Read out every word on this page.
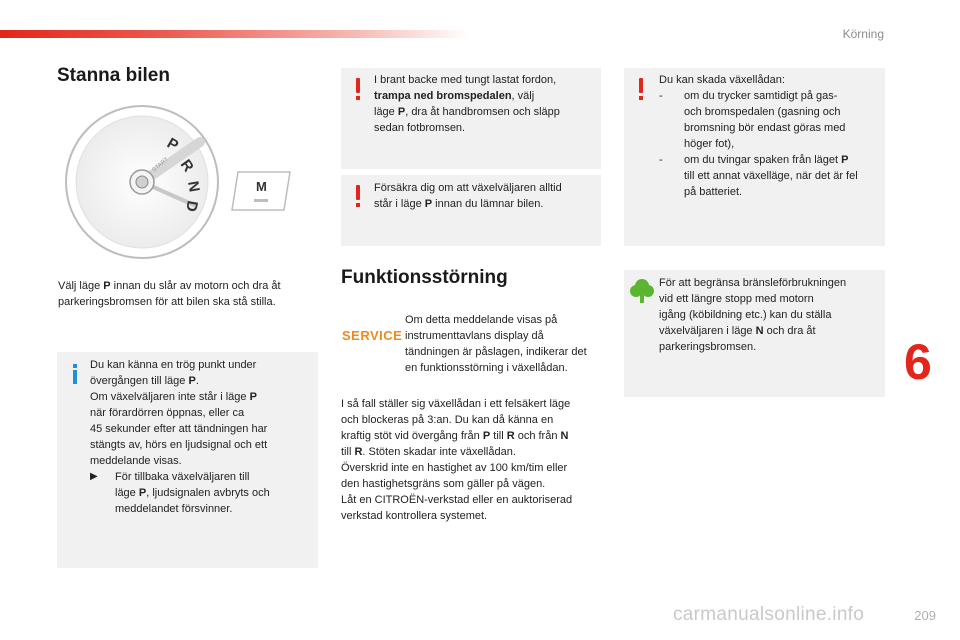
Körning
6
209
carmanualsonline.info
Stanna bilen
P
R
N
D
START
M
Välj läge P innan du slår av motorn och dra åt
parkeringsbromsen för att bilen ska stå stilla.

Du kan känna en trög punkt under

övergången till läge P.

Om växelväljaren inte står i läge P

när förardörren öppnas, eller ca

45 sekunder efter att tändningen har

stängts av, hörs en ljudsignal och ett

meddelande visas.

▶ För tillbaka växelväljaren till

läge P, ljudsignalen avbryts och

meddelandet försvinner.

I brant backe med tungt lastat fordon,

trampa ned bromspedalen, välj

läge P, dra åt handbromsen och släpp

sedan fotbromsen.

Försäkra dig om att växelväljaren alltid

står i läge P innan du lämnar bilen.

Du kan skada växellådan:

- om du trycker samtidigt på gas-

och bromspedalen (gasning och

bromsning bör endast göras med

höger fot),

- om du tvingar spaken från läget P

till ett annat växelläge, när det är fel

på batteriet.

För att begränsa bränsleförbrukningen

vid ett längre stopp med motorn

igång (köbildning etc.) kan du ställa

växelväljaren i läge N och dra åt

parkeringsbromsen.

Funktionsstörning
SERVICE

Om detta meddelande visas på

instrumenttavlans display då

tändningen är påslagen, indikerar det

en funktionsstörning i växellådan.

I så fall ställer sig växellådan i ett felsäkert läge

och blockeras på 3:an. Du kan då känna en

kraftig stöt vid övergång från P till R och från N

till R. Stöten skadar inte växellådan.

Överskrid inte en hastighet av 100 km/tim eller

den hastighetsgräns som gäller på vägen.

Låt en CITROËN-verkstad eller en auktoriserad

verkstad kontrollera systemet.
